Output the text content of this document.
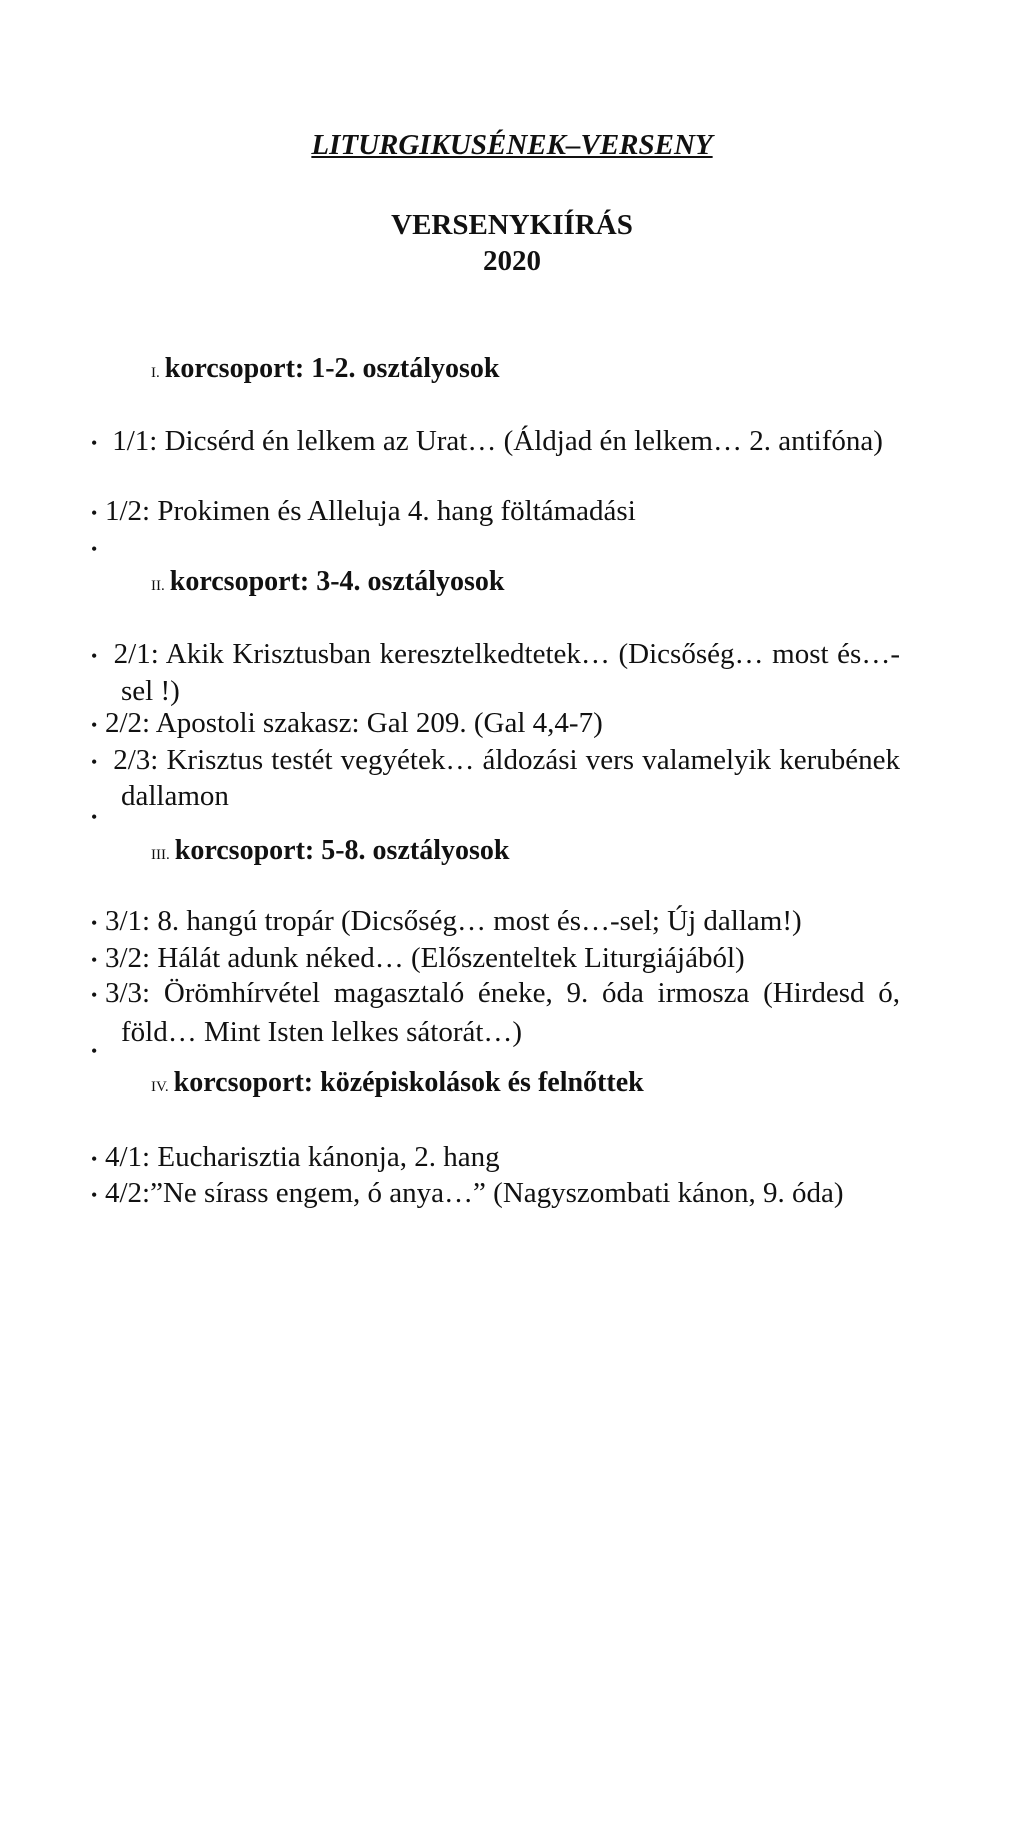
LITURGIKUSÉNEK–VERSENY
VERSENYKIÍRÁS
2020
I. korcsoport: 1-2. osztályosok
• 1/1: Dicsérd én lelkem az Urat… (Áldjad én lelkem… 2. antifóna)
• 1/2: Prokimen és Alleluja 4. hang föltámadási
•
II. korcsoport: 3-4. osztályosok
• 2/1: Akik Krisztusban keresztelkedtetek… (Dicsőség… most és…-sel !)
• 2/2: Apostoli szakasz: Gal 209. (Gal 4,4-7)
• 2/3: Krisztus testét vegyétek… áldozási vers valamelyik kerubének dallamon
•
III. korcsoport: 5-8. osztályosok
• 3/1: 8. hangú tropár (Dicsőség… most és…-sel; Új dallam!)
• 3/2: Hálát adunk néked… (Előszenteltek Liturgiájából)
• 3/3: Örömhírvétel magasztaló éneke, 9. óda irmosza (Hirdesd ó, föld… Mint Isten lelkes sátorát…)
•
IV. korcsoport: középiskolások és felnőttek
• 4/1: Eucharisztia kánonja, 2. hang
• 4/2:”Ne sírass engem, ó anya…” (Nagyszombati kánon, 9. óda)
